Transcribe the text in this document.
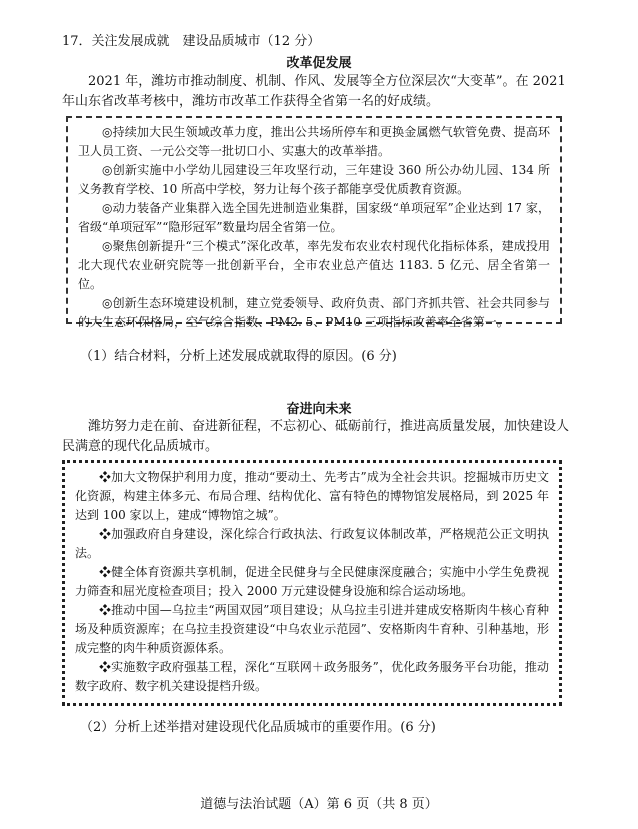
17．关注发展成就　建设品质城市（12 分）
改革促发展
2021 年，潍坊市推动制度、机制、作风、发展等全方位深层次“大变革”。在 2021 年山东省改革考核中，潍坊市改革工作获得全省第一名的好成绩。

◎持续加大民生领域改革力度，推出公共场所停车和更换金属燃气软管免费、提高环卫人员工资、一元公交等一批切口小、实惠大的改革举措。

◎创新实施中小学幼儿园建设三年攻坚行动，三年建设 360 所公办幼儿园、134 所义务教育学校、10 所高中学校，努力让每个孩子都能享受优质教育资源。

◎动力装备产业集群入选全国先进制造业集群，国家级“单项冠军”企业达到 17 家，省级“单项冠军”“隐形冠军”数量均居全省第一位。

◎聚焦创新提升“三个模式”深化改革，率先发布农业农村现代化指标体系，建成投用北大现代农业研究院等一批创新平台，全市农业总产值达 1183. 5 亿元、居全省第一位。

◎创新生态环境建设机制，建立党委领导、政府负责、部门齐抓共管、社会共同参与的大生态环保格局，空气综合指数、PM2. 5、PM10 三项指标改善率全省第一。

（1）结合材料，分析上述发展成就取得的原因。(6 分)
奋进向未来
潍坊努力走在前、奋进新征程，不忘初心、砥砺前行，推进高质量发展，加快建设人民满意的现代化品质城市。

❖加大文物保护利用力度，推动“要动土、先考古”成为全社会共识。挖掘城市历史文化资源，构建主体多元、布局合理、结构优化、富有特色的博物馆发展格局，到 2025 年达到 100 家以上，建成“博物馆之城”。

❖加强政府自身建设，深化综合行政执法、行政复议体制改革，严格规范公正文明执法。

❖健全体育资源共享机制，促进全民健身与全民健康深度融合；实施中小学生免费视力筛查和屈光度检查项目；投入 2000 万元建设健身设施和综合运动场地。

❖推动中国—乌拉圭“两国双园”项目建设；从乌拉圭引进并建成安格斯肉牛核心育种场及种质资源库；在乌拉圭投资建设“中乌农业示范园”、安格斯肉牛育种、引种基地，形成完整的肉牛种质资源体系。

❖实施数字政府强基工程，深化“互联网＋政务服务”，优化政务服务平台功能，推动数字政府、数字机关建设提档升级。

（2）分析上述举措对建设现代化品质城市的重要作用。(6 分)
道德与法治试题（A）第 6 页（共 8 页）
